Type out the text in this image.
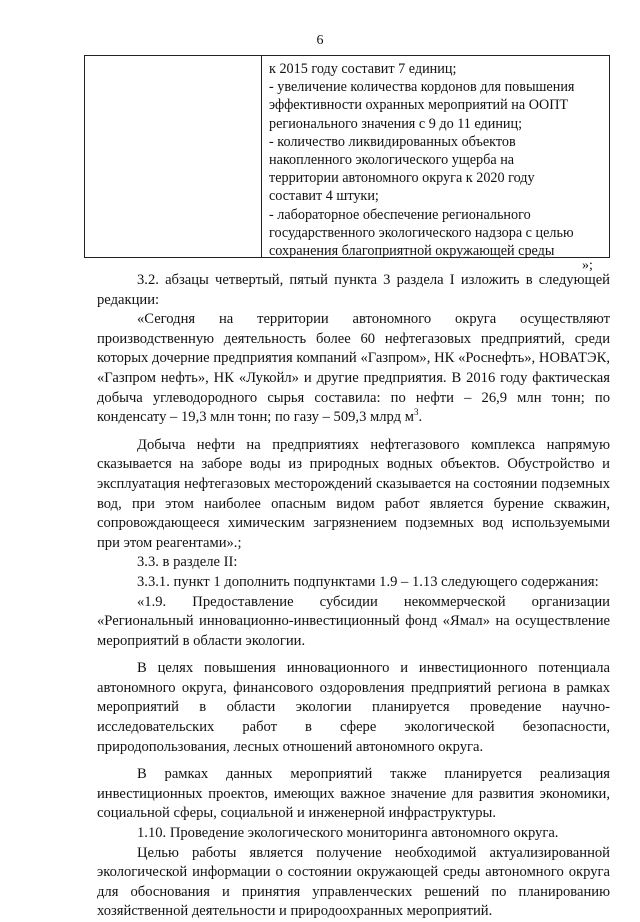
6
к 2015 году составит 7 единиц;
- увеличение количества кордонов для повышения
эффективности охранных мероприятий на ООПТ
регионального значения с 9 до 11 единиц;
- количество ликвидированных объектов
накопленного экологического ущерба на
территории автономного округа к 2020 году
составит 4 штуки;
- лабораторное обеспечение регионального
государственного экологического надзора с целью
сохранения благоприятной окружающей среды
»;

3.2. абзацы четвертый, пятый пункта 3 раздела I изложить в следующей редакции:

«Сегодня на территории автономного округа осуществляют производственную деятельность более 60 нефтегазовых предприятий, среди которых дочерние предприятия компаний «Газпром», НК «Роснефть», НОВАТЭК, «Газпром нефть», НК «Лукойл» и другие предприятия. В 2016 году фактическая добыча углеводородного сырья составила: по нефти – 26,9 млн тонн; по конденсату – 19,3 млн тонн; по газу – 509,3 млрд $м^3$.

Добыча нефти на предприятиях нефтегазового комплекса напрямую сказывается на заборе воды из природных водных объектов. Обустройство и эксплуатация нефтегазовых месторождений сказывается на состоянии подземных вод, при этом наиболее опасным видом работ является бурение скважин, сопровождающееся химическим загрязнением подземных вод используемыми при этом реагентами».;

3.3. в разделе II:

3.3.1. пункт 1 дополнить подпунктами 1.9 – 1.13 следующего содержания:

«1.9. Предоставление субсидии некоммерческой организации «Региональный инновационно-инвестиционный фонд «Ямал» на осуществление мероприятий в области экологии.

В целях повышения инновационного и инвестиционного потенциала автономного округа, финансового оздоровления предприятий региона в рамках мероприятий в области экологии планируется проведение научно-исследовательских работ в сфере экологической безопасности, природопользования, лесных отношений автономного округа.

В рамках данных мероприятий также планируется реализация инвестиционных проектов, имеющих важное значение для развития экономики, социальной сферы, социальной и инженерной инфраструктуры.

1.10. Проведение экологического мониторинга автономного округа.

Целью работы является получение необходимой актуализированной экологической информации о состоянии окружающей среды автономного округа для обоснования и принятия управленческих решений по планированию хозяйственной деятельности и природоохранных мероприятий.
